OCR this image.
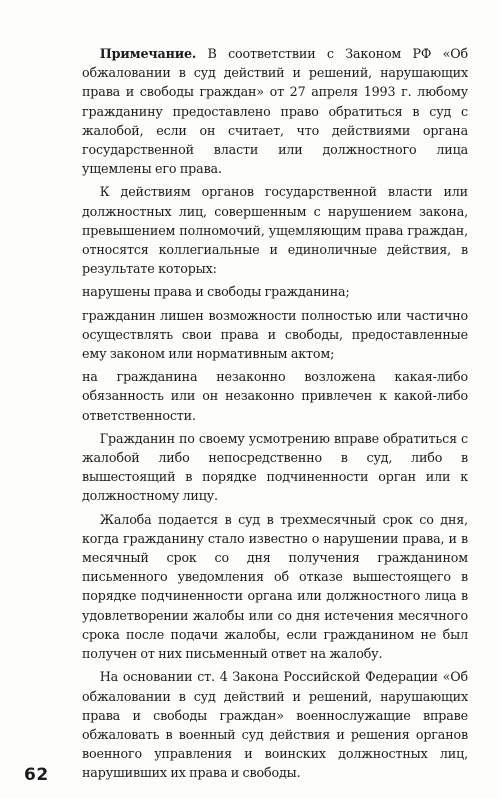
Примечание. В соответствии с Законом РФ «Об обжаловании в суд действий и решений, нарушающих права и свободы граждан» от 27 апреля 1993 г. любому гражданину предоставлено право обратиться в суд с жалобой, если он считает, что действиями органа государственной власти или должностного лица ущемлены его права.

К действиям органов государственной власти или должностных лиц, совершенным с нарушением закона, превышением полномочий, ущемляющим права граждан, относятся коллегиальные и единоличные действия, в результате которых:

нарушены права и свободы гражданина;

гражданин лишен возможности полностью или частично осуществлять свои права и свободы, предоставленные ему законом или нормативным актом;

на гражданина незаконно возложена какая-либо обязанность или он незаконно привлечен к какой-либо ответственности.

Гражданин по своему усмотрению вправе обратиться с жалобой либо непосредственно в суд, либо в вышестоящий в порядке подчиненности орган или к должностному лицу.

Жалоба подается в суд в трехмесячный срок со дня, когда гражданину стало известно о нарушении права, и в месячный срок со дня получения гражданином письменного уведомления об отказе вышестоящего в порядке подчиненности органа или должностного лица в удовлетворении жалобы или со дня истечения месячного срока после подачи жалобы, если гражданином не был получен от них письменный ответ на жалобу.

На основании ст. 4 Закона Российской Федерации «Об обжаловании в суд действий и решений, нарушающих права и свободы граждан» военнослужащие вправе обжаловать в военный суд действия и решения органов военного управления и воинских должностных лиц, нарушивших их права и свободы.

62
